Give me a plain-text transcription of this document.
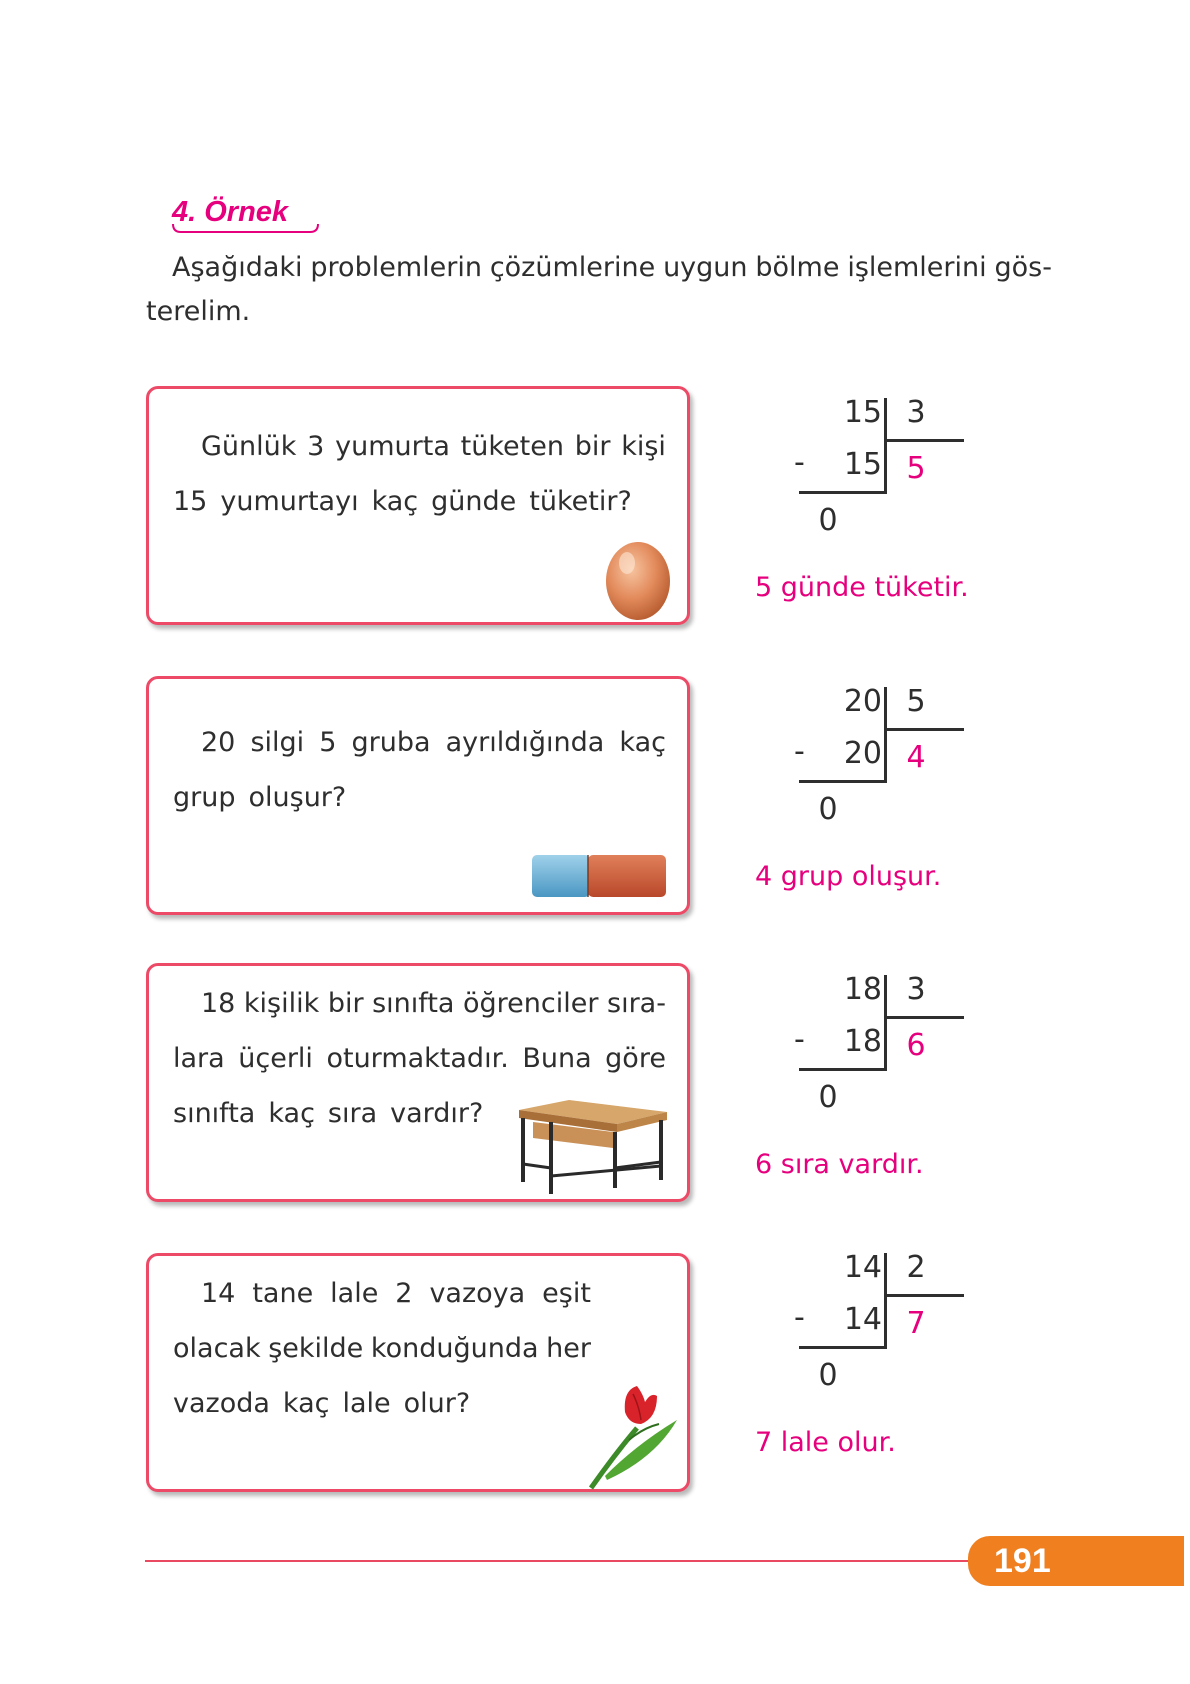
4. Örnek
Aşağıdaki problemlerin çözümlerine uygun bölme işlemlerini gös-
terelim.
Günlük 3 yumurta tüketen bir kişi
15 yumurtayı kaç günde tüketir?
15 3
-	15 5
0
5 günde tüketir.
20 silgi 5 gruba ayrıldığında kaç
grup oluşur?
20 5
-	20 4
0
4 grup oluşur.
18 kişilik bir sınıfta öğrenciler sıra-
lara üçerli oturmaktadır. Buna göre
sınıfta kaç sıra vardır?
18 3
-	18 6
0
6 sıra vardır.
14 tane lale 2 vazoya eşit
olacak şekilde konduğunda her
vazoda kaç lale olur?
14 2
-	14 7
0
7 lale olur.
191
